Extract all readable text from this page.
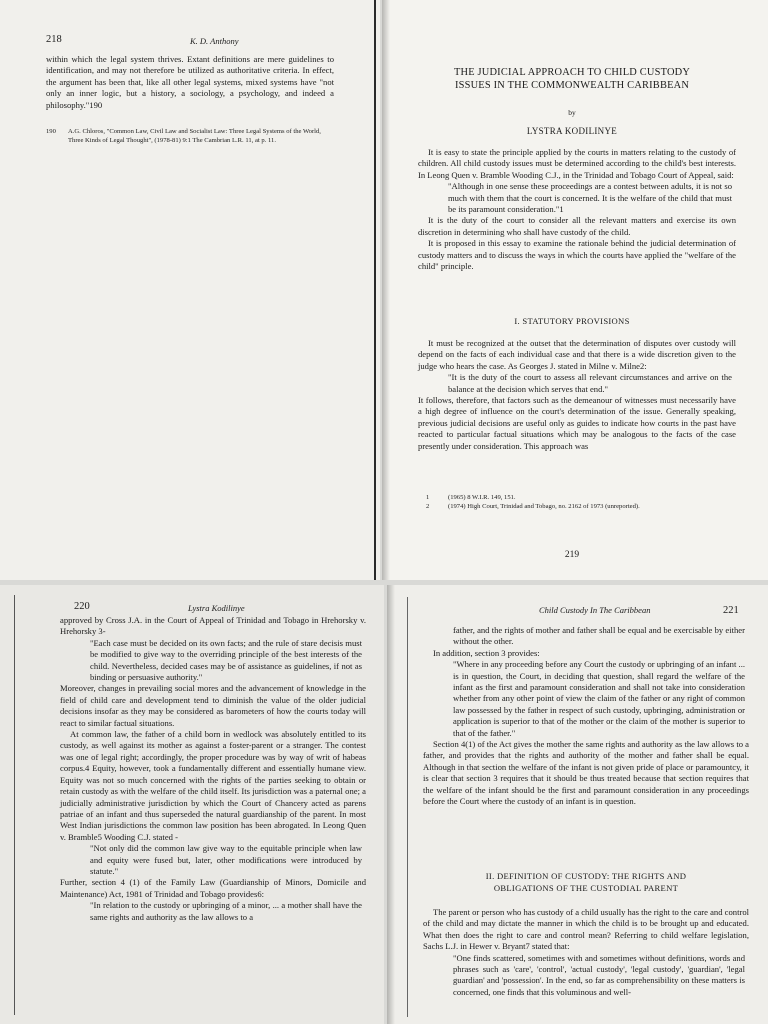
218	K. D. Anthony

within which the legal system thrives. Extant definitions are mere guidelines to identification, and may not therefore be utilized as authoritative criteria. In effect, the argument has been that, like all other legal systems, mixed systems have "not only an inner logic, but a history, a sociology, a psychology, and indeed a philosophy."190

190	A.G. Chloros, "Common Law, Civil Law and Socialist Law: Three Legal Systems of the World, Three Kinds of Legal Thought", (1978-81) 9:1 The Cambrian L.R. 11, at p. 11.
THE JUDICIAL APPROACH TO CHILD CUSTODY
ISSUES IN THE COMMONWEALTH CARIBBEAN
by
LYSTRA KODILINYE

It is easy to state the principle applied by the courts in matters relating to the custody of children. All child custody issues must be determined according to the child's best interests. In Leong Quen v. Bramble Wooding C.J., in the Trinidad and Tobago Court of Appeal, said:

"Although in one sense these proceedings are a contest between adults, it is not so much with them that the court is concerned. It is the welfare of the child that must be its paramount consideration."1

It is the duty of the court to consider all the relevant matters and exercise its own discretion in determining who shall have custody of the child.

It is proposed in this essay to examine the rationale behind the judicial determination of custody matters and to discuss the ways in which the courts have applied the "welfare of the child" principle.

I. STATUTORY PROVISIONS

It must be recognized at the outset that the determination of disputes over custody will depend on the facts of each individual case and that there is a wide discretion given to the judge who hears the case. As Georges J. stated in Milne v. Milne2:

"It is the duty of the court to assess all relevant circumstances and arrive on the balance at the decision which serves that end."

It follows, therefore, that factors such as the demeanour of witnesses must necessarily have a high degree of influence on the court's determination of the issue. Generally speaking, previous judicial decisions are useful only as guides to indicate how courts in the past have reacted to particular factual situations which may be analogous to the facts of the case presently under consideration. This approach was

1	(1965) 8 W.I.R. 149, 151.
2	(1974) High Court, Trinidad and Tobago, no. 2162 of 1973 (unreported).
219
220	Lystra Kodilinye

approved by Cross J.A. in the Court of Appeal of Trinidad and Tobago in Hrehorsky v. Hrehorsky 3-

"Each case must be decided on its own facts; and the rule of stare decisis must be modified to give way to the overriding principle of the best interests of the child. Nevertheless, decided cases may be of assistance as guidelines, if not as binding or persuasive authority."

Moreover, changes in prevailing social mores and the advancement of knowledge in the field of child care and development tend to diminish the value of the older judicial decisions insofar as they may be considered as barometers of how the courts today will react to similar factual situations.

At common law, the father of a child born in wedlock was absolutely entitled to its custody, as well against its mother as against a foster-parent or a stranger. The contest was one of legal right; accordingly, the proper procedure was by way of writ of habeas corpus.4 Equity, however, took a fundamentally different and essentially humane view. Equity was not so much concerned with the rights of the parties seeking to obtain or retain custody as with the welfare of the child itself. Its jurisdiction was a paternal one; a judicially administrative jurisdiction by which the Court of Chancery acted as parens patriae of an infant and thus superseded the natural guardianship of the parent. In most West Indian jurisdictions the common law position has been abrogated. In Leong Quen v. Bramble5 Wooding C.J. stated -

"Not only did the common law give way to the equitable principle when law and equity were fused but, later, other modifications were introduced by statute."

Further, section 4 (1) of the Family Law (Guardianship of Minors, Domicile and Maintenance) Act, 1981 of Trinidad and Tobago provides6:

"In relation to the custody or upbringing of a minor, ... a mother shall have the same rights and authority as the law allows to a

Child Custody In The Caribbean	221

father, and the rights of mother and father shall be equal and be exercisable by either without the other.

In addition, section 3 provides:

"Where in any proceeding before any Court the custody or upbringing of an infant ... is in question, the Court, in deciding that question, shall regard the welfare of the infant as the first and paramount consideration and shall not take into consideration whether from any other point of view the claim of the father or any right of common law possessed by the father in respect of such custody, upbringing, administration or application is superior to that of the mother or the claim of the mother is superior to that of the father."

Section 4(1) of the Act gives the mother the same rights and authority as the law allows to a father, and provides that the rights and authority of the mother and father shall be equal. Although in that section the welfare of the infant is not given pride of place or paramountcy, it is clear that section 3 requires that it should be thus treated because that section requires that the welfare of the infant should be the first and paramount consideration in any proceedings before the Court where the custody of an infant is in question.

II. DEFINITION OF CUSTODY: THE RIGHTS AND
OBLIGATIONS OF THE CUSTODIAL PARENT

The parent or person who has custody of a child usually has the right to the care and control of the child and may dictate the manner in which the child is to be brought up and educated. What then does the right to care and control mean? Referring to child welfare legislation, Sachs L.J. in Hewer v. Bryant7 stated that:

"One finds scattered, sometimes with and sometimes without definitions, words and phrases such as 'care', 'control', 'actual custody', 'legal custody', 'guardian', 'legal guardian' and 'possession'. In the end, so far as comprehensibility on these matters is concerned, one finds that this voluminous and well-
